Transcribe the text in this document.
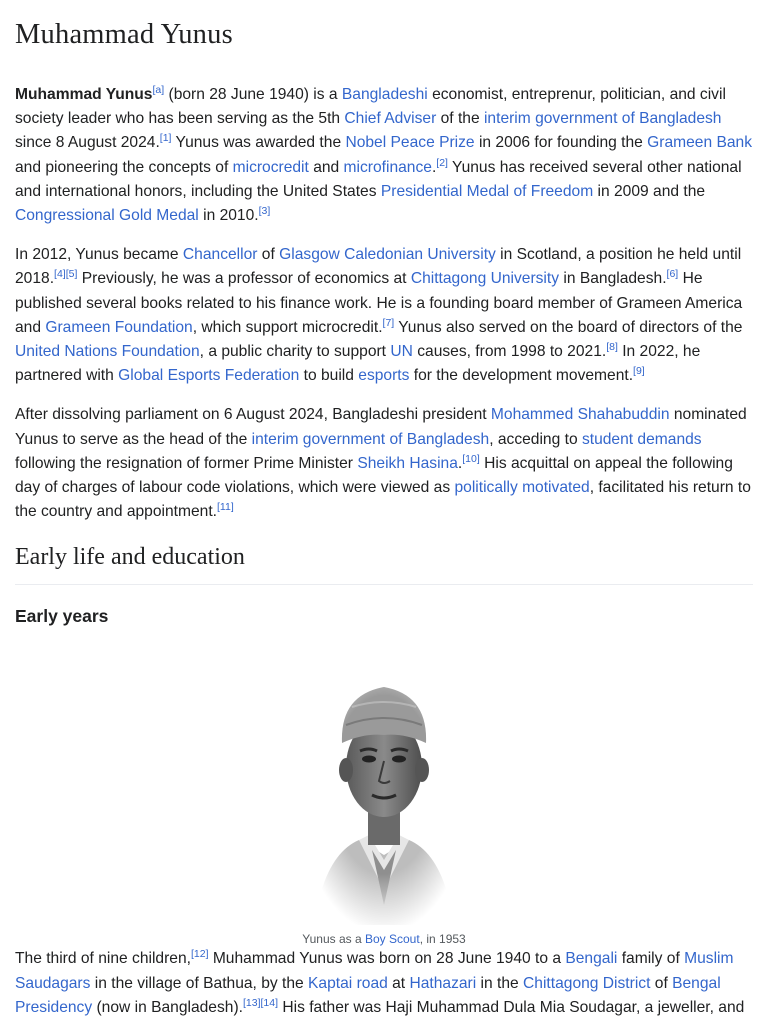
Muhammad Yunus

Muhammad Yunus[a] (born 28 June 1940) is a Bangladeshi economist, entreprenur, politician, and civil society leader who has been serving as the 5th Chief Adviser of the interim government of Bangladesh since 8 August 2024.[1] Yunus was awarded the Nobel Peace Prize in 2006 for founding the Grameen Bank and pioneering the concepts of microcredit and microfinance.[2] Yunus has received several other national and international honors, including the United States Presidential Medal of Freedom in 2009 and the Congressional Gold Medal in 2010.[3]

In 2012, Yunus became Chancellor of Glasgow Caledonian University in Scotland, a position he held until 2018.[4][5] Previously, he was a professor of economics at Chittagong University in Bangladesh.[6] He published several books related to his finance work. He is a founding board member of Grameen America and Grameen Foundation, which support microcredit.[7] Yunus also served on the board of directors of the United Nations Foundation, a public charity to support UN causes, from 1998 to 2021.[8] In 2022, he partnered with Global Esports Federation to build esports for the development movement.[9]

After dissolving parliament on 6 August 2024, Bangladeshi president Mohammed Shahabuddin nominated Yunus to serve as the head of the interim government of Bangladesh, acceding to student demands following the resignation of former Prime Minister Sheikh Hasina.[10] His acquittal on appeal the following day of charges of labour code violations, which were viewed as politically motivated, facilitated his return to the country and appointment.[11]

Early life and education
Early years
Yunus as a Boy Scout, in 1953

The third of nine children,[12] Muhammad Yunus was born on 28 June 1940 to a Bengali family of Muslim Saudagars in the village of Bathua, by the Kaptai road at Hathazari in the Chittagong District of Bengal Presidency (now in Bangladesh).[13][14] His father was Haji Muhammad Dula Mia Soudagar, a jeweller, and
